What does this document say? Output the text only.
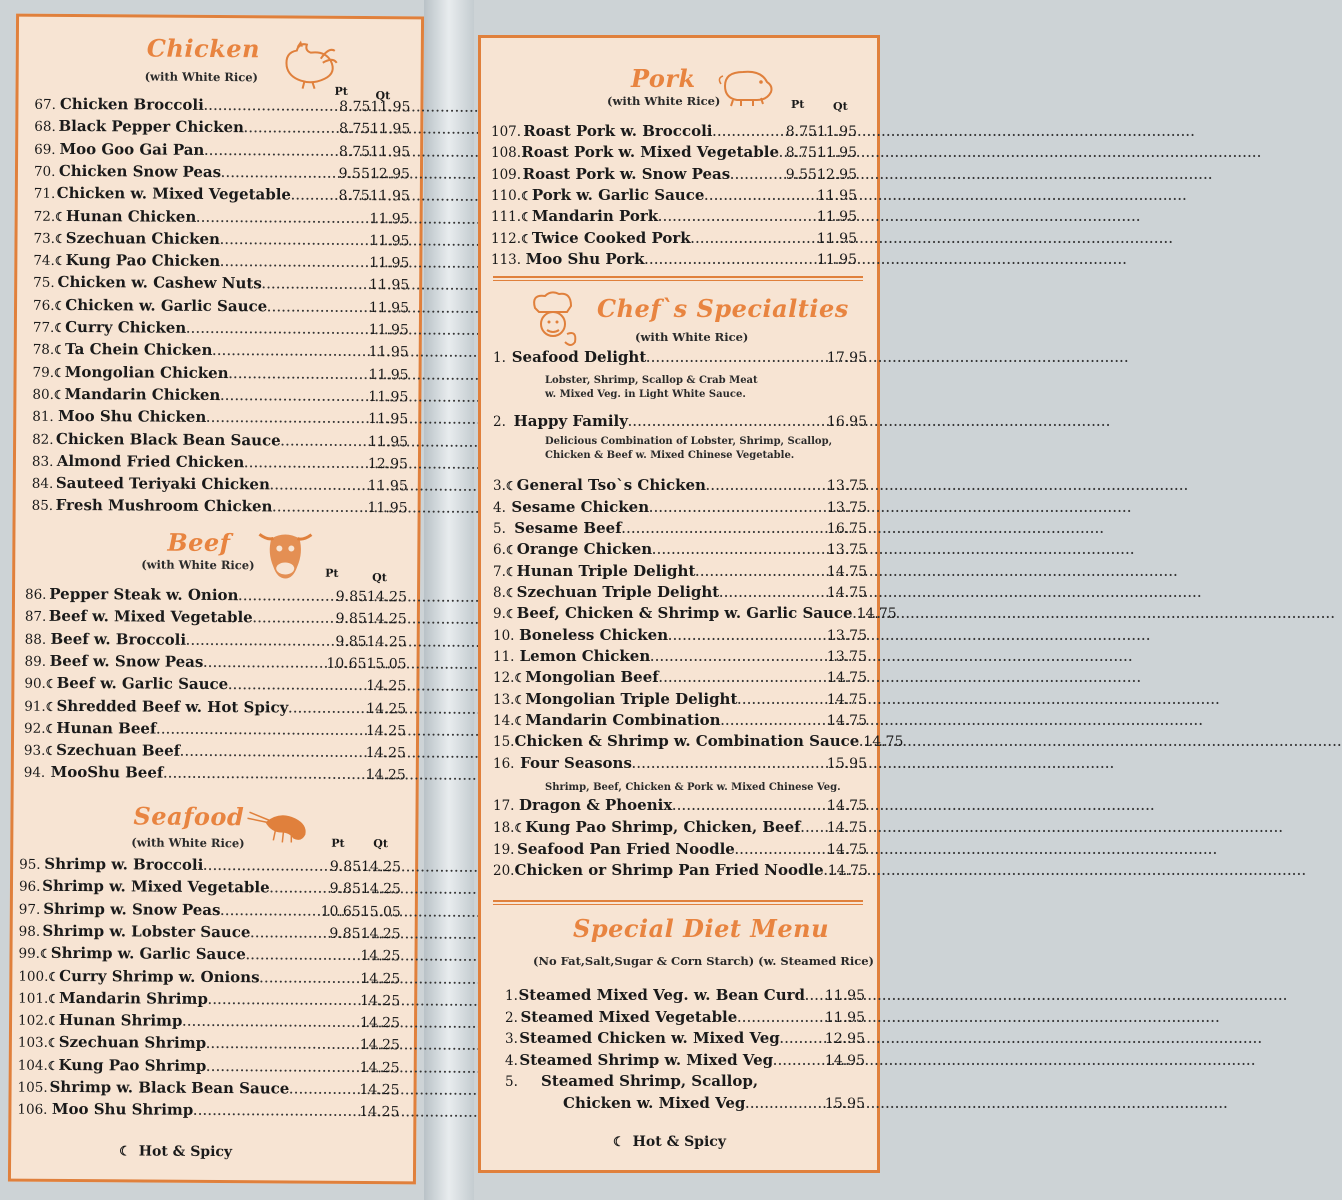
Chicken
(with White Rice)
Pt	Qt
67. Chicken Broccoli .....	8.75 11.95
68. Black Pepper Chicken .....	8.75 11.95
69. Moo Goo Gai Pan .....	8.75 11.95
70. Chicken Snow Peas .....	9.55 12.95
71. Chicken w. Mixed Vegetable .....	8.75 11.95
72. ☾ Hunan Chicken .....	11.95
73. ☾ Szechuan Chicken .....	11.95
74. ☾ Kung Pao Chicken .....	11.95
75. Chicken w. Cashew Nuts .....	11.95
76. ☾ Chicken w. Garlic Sauce .....	11.95
77. ☾ Curry Chicken .....	11.95
78. ☾ Ta Chein Chicken .....	11.95
79. ☾ Mongolian Chicken .....	11.95
80. ☾ Mandarin Chicken .....	11.95
81. Moo Shu Chicken .....	11.95
82. Chicken Black Bean Sauce .....	11.95
83. Almond Fried Chicken .....	12.95
84. Sauteed Teriyaki Chicken .....	11.95
85. Fresh Mushroom Chicken .....	11.95
Beef
(with White Rice)
Pt	Qt
86. Pepper Steak w. Onion .....	9.85 14.25
87. Beef w. Mixed Vegetable .....	9.85 14.25
88. Beef w. Broccoli .....	9.85 14.25
89. Beef w. Snow Peas .....	10.65 15.05
90. ☾ Beef w. Garlic Sauce .....	14.25
91. ☾ Shredded Beef w. Hot Spicy .....	14.25
92. ☾ Hunan Beef .....	14.25
93. ☾ Szechuan Beef .....	14.25
94. MooShu Beef .....	14.25
Seafood
(with White Rice)	Pt	Qt
95. Shrimp w. Broccoli .....	9.85 14.25
96. Shrimp w. Mixed Vegetable .....	9.85 14.25
97. Shrimp w. Snow Peas .....	10.65 15.05
98. Shrimp w. Lobster Sauce .....	9.85 14.25
99. ☾ Shrimp w. Garlic Sauce .....	14.25
100. ☾ Curry Shrimp w. Onions .....	14.25
101. ☾ Mandarin Shrimp .....	14.25
102. ☾ Hunan Shrimp .....	14.25
103. ☾ Szechuan Shrimp .....	14.25
104. ☾ Kung Pao Shrimp .....	14.25
105. Shrimp w. Black Bean Sauce .....	14.25
106. Moo Shu Shrimp .....	14.25
☾ Hot & Spicy
Pork
(with White Rice)	Pt	Qt
107. Roast Pork w. Broccoli .....	8.75 11.95
108. Roast Pork w. Mixed Vegetable ..... 8.75 11.95
109. Roast Pork w. Snow Peas .....	9.55 12.95
110. ☾ Pork w. Garlic Sauce .....	11.95
111. ☾ Mandarin Pork .....	11.95
112. ☾ Twice Cooked Pork .....	11.95
113. Moo Shu Pork .....	11.95
Chef`s Specialties
(with White Rice)
1. Seafood Delight .....	17.95
2. Happy Family .....	16.95
3. ☾ General Tso`s Chicken .....	13.75
4. Sesame Chicken .....	13.75
5. Sesame Beef .....	16.75
6. ☾ Orange Chicken .....	13.75
7. ☾ Hunan Triple Delight .....	14.75
8. ☾ Szechuan Triple Delight .....	14.75
9. ☾ Beef, Chicken & Shrimp w. Garlic Sauce ..... 14.75
10. Boneless Chicken .....	13.75
11. Lemon Chicken .....	13.75
12. ☾ Mongolian Beef .....	14.75
13. ☾ Mongolian Triple Delight .....	14.75
14. ☾ Mandarin Combination .....	14.75
15. Chicken & Shrimp w. Combination Sauce ..... 14.75
16. Four Seasons .....	15.95
17. Dragon & Phoenix .....	14.75
18. ☾ Kung Pao Shrimp, Chicken, Beef ..... 14.75
19. Seafood Pan Fried Noodle .....	14.75
20. Chicken or Shrimp Pan Fried Noodle ..... 14.75
Lobster, Shrimp, Scallop & Crab Meat
w. Mixed Veg. in Light White Sauce.
Delicious Combination of Lobster, Shrimp, Scallop,
Chicken & Beef w. Mixed Chinese Vegetable.
Shrimp, Beef, Chicken & Pork w. Mixed Chinese Veg.
Special Diet Menu
(No Fat,Salt,Sugar & Corn Starch) (w. Steamed Rice)
1. Steamed Mixed Veg. w. Bean Curd ..... 11.95
2. Steamed Mixed Vegetable .....	11.95
3. Steamed Chicken w. Mixed Veg .....	12.95
4. Steamed Shrimp w. Mixed Veg .....	14.95
5.	Steamed Shrimp, Scallop,
Chicken w. Mixed Veg .....	15.95
☾ Hot & Spicy
